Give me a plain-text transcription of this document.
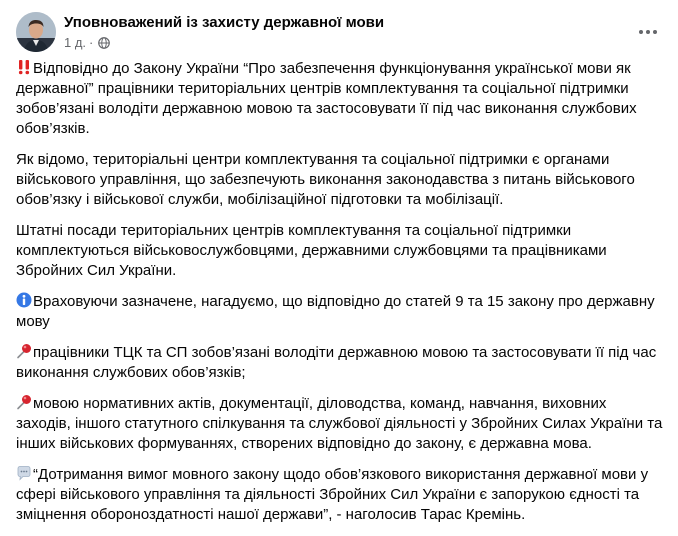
Уповноважений із захисту державної мови
1 д. ·

Відповідно до Закону України “Про забезпечення функціонування української мови як державної” працівники територіальних центрів комплектування та соціальної підтримки зобов’язані володіти державною мовою та застосовувати її під час виконання службових обов’язків.

Як відомо, територіальні центри комплектування та соціальної підтримки є органами військового управління, що забезпечують виконання законодавства з питань військового обов’язку і військової служби, мобілізаційної підготовки та мобілізації.

Штатні посади територіальних центрів комплектування та соціальної підтримки комплектуються військовослужбовцями, державними службовцями та працівниками Збройних Сил України.

Враховуючи зазначене, нагадуємо, що відповідно до статей 9 та 15 закону про державну мову

працівники ТЦК та СП зобов’язані володіти державною мовою та застосовувати її під час виконання службових обов’язків;

мовою нормативних актів, документації, діловодства, команд, навчання, виховних заходів, іншого статутного спілкування та службової діяльності у Збройних Силах України та інших військових формуваннях, створених відповідно до закону, є державна мова.

“Дотримання вимог мовного закону щодо обов’язкового використання державної мови у сфері військового управління та діяльності Збройних Сил України є запорукою єдності та зміцнення обороноздатності нашої держави”, - наголосив Тарас Кремінь.
